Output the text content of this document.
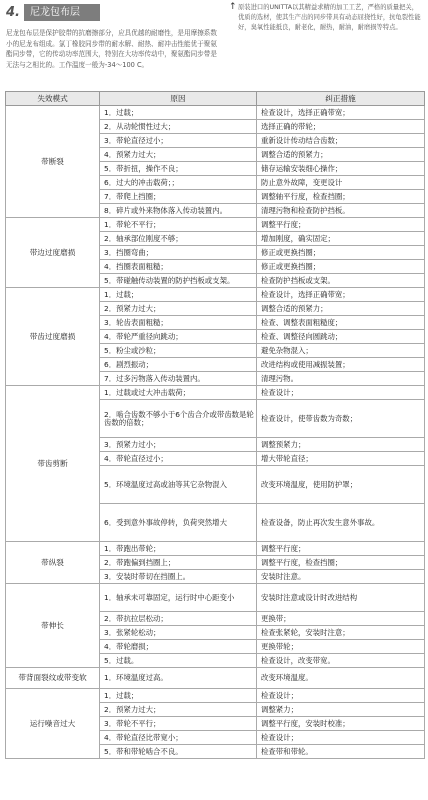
4.	尼龙包布层
尼龙包布层是保护胶带的抗磨擦部分，应具优越的耐磨性，是用摩擦系数小的尼龙布组成。氯丁橡胶同步带的耐水解、耐热、耐冲击性能优于聚氨酯同步带，它的传动功率范围大，特别在大功率传动中，聚氨酯同步带是无法与之相比的。工作温度一般为-34～100 C。
↑ 原装进口的UNITTA以其精益求精的加工工艺，严格的质量把关，优质的选材，使其生产出的同步带具有动态屈挠性好，抗龟裂性能好，臭氧性能抵良，耐老化，耐热，耐油，耐磨损等特点。
失效模式	原因	纠正措施
带断裂	1．过载；	检查设计，选择正确带宽；
	2．从动轮惯性过大；	选择正确的带轮；
	3．带轮直径过小；	重新设计传动结合齿数；
	4．预紧力过大；	调整合适的预紧力；
	5．带折扭，操作不良；	储存运输安装细心操作；
	6．过大的冲击载荷；；	防止意外故障，变更设计
	7．带爬上挡圈；	调整轴平行度，检查挡圈；
	8．碎片或外来物体落入传动装置内。	清理污物和检查防护挡板。
带边过度磨损	1．带轮不平行；	调整平行度；
	2．轴承部位刚度不够；	增加刚度，确实固定；
	3．挡圈弯曲；	修正或更换挡圈；
	4．挡圈表面粗糙；	修正或更换挡圈；
	5．带碰触传动装置的防护挡板或支架。	检查防护挡板或支架。
带齿过度磨损	1．过载；	检查设计，选择正确带宽；
	2．预紧力过大；	调整合适的预紧力；
	3．轮齿表面粗糙；	检查、调整表面粗糙度；
	4．带轮严重径向跳动；	检查、调整径向圆跳动；
	5．粉尘或沙粒；	避免杂物混入；
	6．剧烈振动；	改进结构或使用减振装置；
	7．过多污物落入传动装置内。	清理污物。
带齿剪断	1．过载或过大冲击载荷；	检查设计；
	2．啮合齿数不够小于6个齿合介或带齿数是轮齿数的倍数；	检查设计，使带齿数为奇数；
	3．预紧力过小；	调整预紧力；
	4．带轮直径过小；	增大带轮直径；
	5．环境温度过高或油等其它杂物混入	改变环境温度，使用防护罩；
	6．受到意外事故停转，负荷突然增大	检查设备，防止再次发生意外事故。
带纵裂	1．带跑出带轮；	调整平行度；
	2．带跑偏到挡圈上；	调整平行度，检查挡圈；
	3．安装时带切在挡圈上。	安装时注意。
带伸长	1．轴承未可靠固定，运行时中心距变小	安装时注意或设计时改进结构
	2．带抗拉层松动；	更换带；
	3．张紧轮松动；	检查张紧轮，安装时注意；
	4．带轮磨损；	更换带轮；
	5．过载。	检查设计，改变带宽。
带背面裂纹或带变软	1．环境温度过高。	改变环境温度。
运行噪音过大	1．过载；	检查设计；
	2．预紧力过大；	调整紧力；
	3．带轮不平行；	调整平行度，安装时校准；
	4．带轮直径比带宽小；	检查设计；
	5．带和带轮啮合不良。	检查带和带轮。
